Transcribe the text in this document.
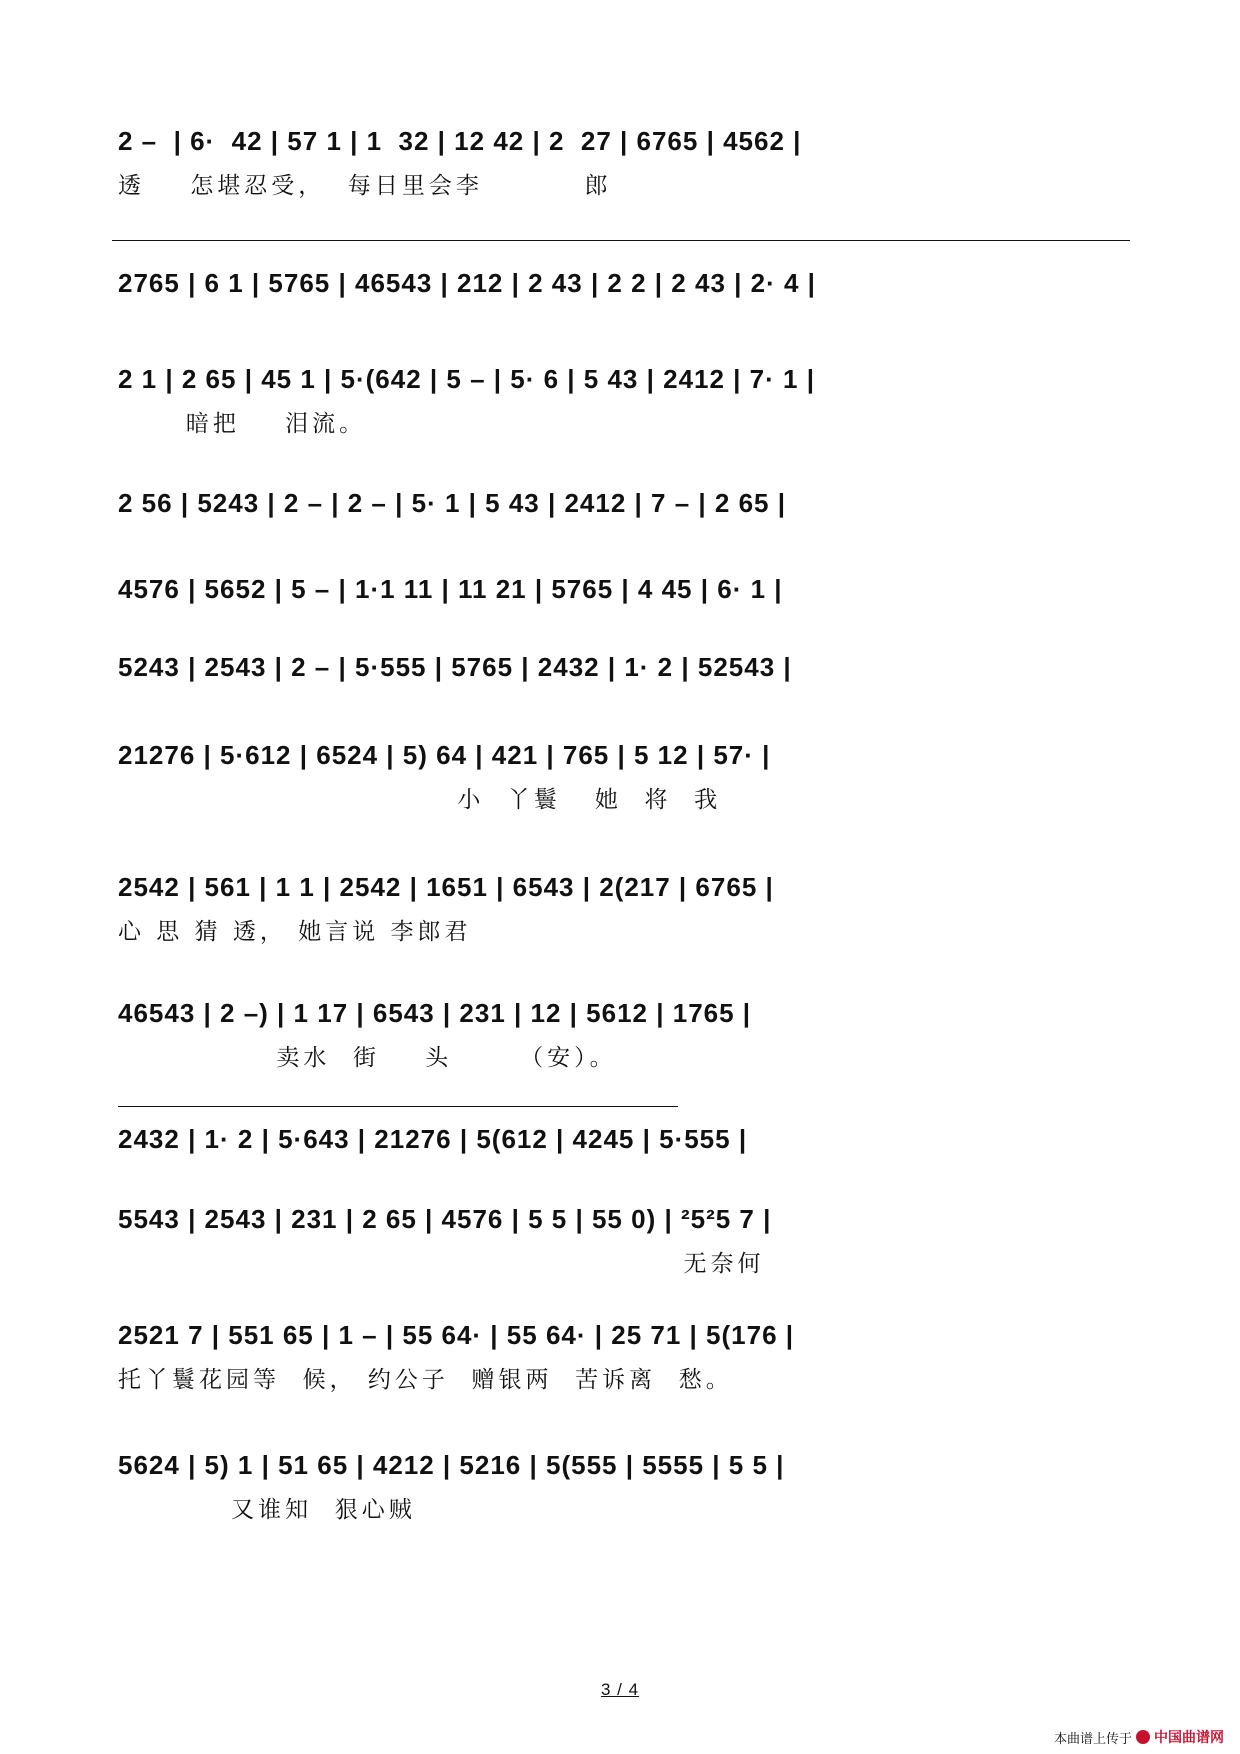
2 –  | 6·  42 | 57 1 | 1  32 | 12 42 | 2  27 | 6765 | 4562 |
透    怎堪忍受，  每日里会李         郎
2765 | 6 1 | 5765 | 46543 | 212 | 2 43 | 2 2 | 2 43 | 2· 4 |
2 1 | 2 65 | 45 1 | 5·(642 | 5 – | 5· 6 | 5 43 | 2412 | 7· 1 |
暗把    泪流。
2 56 | 5243 | 2 – | 2 – | 5· 1 | 5 43 | 2412 | 7 – | 2 65 |
4576 | 5652 | 5 – | 1·1 11 | 11 21 | 5765 | 4 45 | 6· 1 |
5243 | 2543 | 2 – | 5·555 | 5765 | 2432 | 1· 2 | 52543 |
21276 | 5·612 | 6524 | 5) 64 | 421 | 765 | 5 12 | 57· |
小  丫鬟   她  将  我
2542 | 561 | 1 1 | 2542 | 1651 | 6543 | 2(217 | 6765 |
心 思 猜 透， 她言说 李郎君
46543 | 2 –) | 1 17 | 6543 | 231 | 12 | 5612 | 1765 |
卖水  街    头      （安）。
2432 | 1· 2 | 5·643 | 21276 | 5(612 | 4245 | 5·555 |
5543 | 2543 | 231 | 2 65 | 4576 | 5 5 | 55 0) | ²5²5 7 |
无奈何
2521 7 | 551 65 | 1 – | 55 64· | 55 64· | 25 71 | 5(176 |
托丫鬟花园等  候， 约公子  赠银两  苦诉离  愁。
5624 | 5) 1 | 51 65 | 4212 | 5216 | 5(555 | 5555 | 5 5 |
又谁知  狠心贼
3 / 4
本曲谱上传于 中国曲谱网
